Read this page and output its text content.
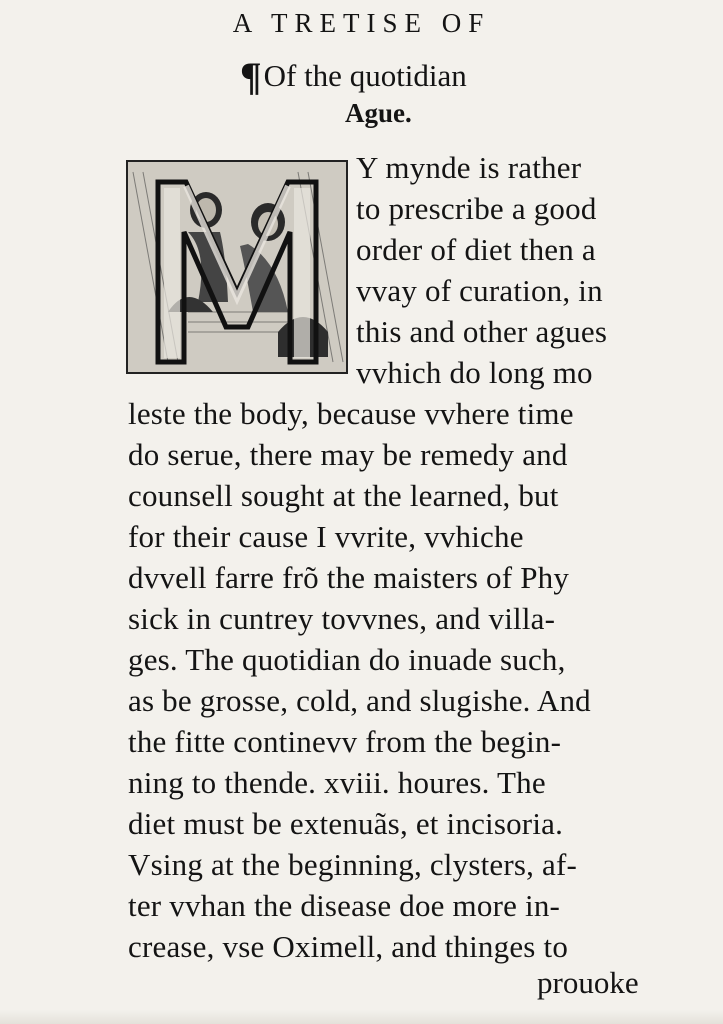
A TRETISE OF
¶Of the quotidian
Ague.
Y mynde is rather
to prescribe a good
order of diet then a
vvay of curation, in
this and other agues
vvhich do long mo
leste the body, because vvhere time
do serue, there may be remedy and
counsell sought at the learned, but
for their cause I vvrite, vvhiche
dvvell farre frõ the maisters of Phy
sick in cuntrey tovvnes, and villa-
ges. The quotidian do inuade such,
as be grosse, cold, and slugishe. And
the fitte continevv from the begin-
ning to thende. xviii. houres. The
diet must be extenuãs, et incisoria.
Vsing at the beginning, clysters, af-
ter vvhan the disease doe more in-
crease, vse Oximell, and thinges to
prouoke
